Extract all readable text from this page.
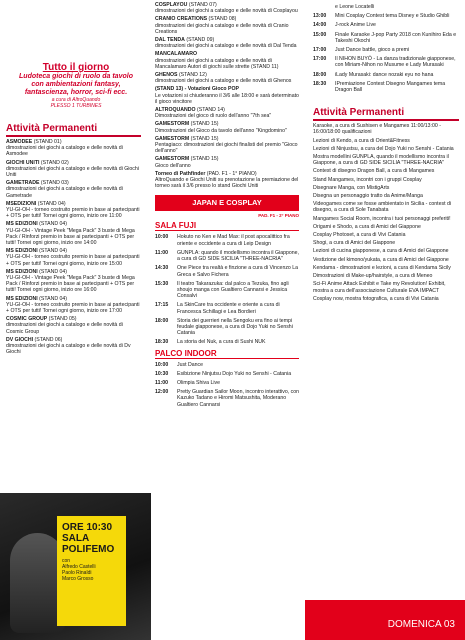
Tutto il giorno
Ludoteca giochi di ruolo da tavolo con ambientazioni fantasy, fantascienza, horror, sci-fi ecc.
a cura di AltroQuando
PLESSO 1 TURBINES
Attività Permanenti
ASMODEE (STAND 01)
dimostrazioni dei giochi a catalogo e delle novità di Asmodee
GIOCHI UNITI (STAND 02)
dimostrazioni dei giochi a catalogo e delle novità di Giochi Uniti
GAMETRADE (STAND 03)
dimostrazioni dei giochi a catalogo e delle novità di Gametrade
MSEDIZIONI (STAND 04)
YU-GI-OH - torneo costruito premio in base ai partecipanti + OTS per tutti! Tornei ogni giorno, inizio ore 11:00
MS EDIZIONI (STAND 04)
YU-GI-OH - Vintage Peek "Mega Pack" 3 buste di Mega Pack / Rinforzi premio in base ai partecipanti + OTS per tutti! Tornei ogni giorno, inizio ore 14:00
MS EDIZIONI (STAND 04)
YU-GI-OH - torneo costruito premio in base ai partecipanti + OTS per tutti! Tornei ogni giorno, inizio ore 15:00
MS EDIZIONI (STAND 04)
YU-GI-OH - Vintage Peek "Mega Pack" 3 buste di Mega Pack / Rinforzi premio in base ai partecipanti + OTS per tutti! Tornei ogni giorno, inizio ore 16:00
MS EDIZIONI (STAND 04)
YU-GI-OH - torneo costruito premio in base ai partecipanti + OTS per tutti! Tornei ogni giorno, inizio ore 17:00
COSMIC GROUP (STAND 05)
dimostrazioni dei giochi a catalogo e delle novità di Cosmic Group
DV GIOCHI (STAND 06)
dimostrazioni dei giochi a catalogo e delle novità di Dv Giochi
ORE 10:30
SALA
POLIFEMO
con
Alfredo Castelli
Paolo Rinaldi
Marco Grosso
COSPLAYOU (STAND 07)
dimostrazioni dei giochi a catalogo e delle novità di Cosplayou
CRANIO CREATIONS (STAND 08)
dimostrazioni dei giochi a catalogo e delle novità di Cranio Creations
DAL TENDA (STAND 09)
dimostrazioni dei giochi a catalogo e delle novità di Dal Tenda
MANCALAMARO
dimostrazioni dei giochi a catalogo e delle novità di Mancalamaro Autori di giochi sulle strette (STAND 11)
GHENOS (STAND 12)
dimostrazioni dei giochi a catalogo e delle novità di Ghenos
(STAND 13) - Votazioni Gioco POP
Le votazioni si chiuderanno il 3/6 alle 18:00 e sarà determinato il gioco vincitore
ALTROQUANDO (STAND 14)
Dimostrazioni del gioco di ruolo dell'anno "7th sea"
GAMESTORM (STAND 15)
Dimostrazioni del Gioco da tavolo dell'anno "Kingdomino"
GAMESTORM (STAND 15)
Pentagiaco: dimostrazioni dei giochi finalisti del premio "Gioco dell'anno"
GAMESTORM (STAND 15)
Gioco dell'anno
Torneo di Pathfinder (PAD. F1 - 1° PIANO)
AltroQuando e Giochi Uniti su prenotazione la premiazione del torneo sarà il 3/6 presso lo stand Giochi Uniti
JAPAN E COSPLAY
PAD. F1 - 2° PIANO
SALA FUJI
10:00	Hokuto no Ken e Mad Max: il post apocalittico fra oriente e occidente a cura di Leip Design
11:00	GUNPLA: quando il modellismo incontra il Giappone, a cura di GD SIDE SICILIA "THREE-NACRIA"
14:30	One Piece tra realtà e finzione a cura di Vincenzo La Greca e Salvo Fichera
15:30	Il teatro Takarazuka: dal palco a Tezuka, fino agli shoujo manga con Gualtiero Cannarsi e Jessica Consalvi
17:15	La SkinCare tra occidente e oriente a cura di Francesca Schillagi e Lea Bordieri
18:00	Storia dei guerrieri nella Sengoku era fino ai tempi feudale giapponese, a cura di Dojo Yuki no Senshi Catania
18:30	La storia del Nuk, a cura di Sushi NUK
PALCO INDOOR
10:00	Just Dance
10:30	Esibizione Ninjutsu Dojo Yuki no Senshi - Catania
11:00	Olimpia Shiva Live
12:00	Pretty Guardian Sailor Moon, incontro interattivo, con Kazuko Tadano e Hiromi Matsushita, Moderano Gualtiero Cannarsi
e Leone Locatelli
13:00	Mini Cosplay Contest tema Disney e Studio Ghibli
14:00	J-rock Anime Live
15:00	Finale Karaoke J-pop Party 2018 con Kunihiro Eda e Takeshi Okochi
17:00	Just Dance battle, gioco a premi
17:00	Il NIHON BUYŌ - La danza tradizionale giapponese, con Miriam-Nihon no Musume e Lady Murasaki
18:00	iLady Murasaki: dance nozaki eyu no hana
18:30	IPremiazione Contest Disegno Mangames tema Dragon Ball
Attività Permanenti
Karaoke, a cura di Sushisen e Mangames 11:00/13:00 - 16:00/18:00 qualificazioni
Lezioni di Kendo, a cura di Orient&Fitness
Lezioni di Ninjustsu, a cura del Dojo Yuki no Senshi - Catania
Mostra modellini GUNPLA, quando il modellismo incontra il Giappone, a cura di GD SIDE SICILIA "THREE-NACRIA"
Contest di disegno Dragon Ball, a cura di Mangames
Stand Mangames, incontri con i gruppi Cosplay
Disegnare Manga, con MistigArts
Disegna un personaggio tratto da Anime/Manga
Videogames come se fosse ambientato in Sicilia - contest di disegno, a cura di Sole Tanabata
Mangames Social Room, incontra i tuoi personaggi preferiti!
Origami e Shodo, a cura di Amici del Giappone
Cosplay Photoset, a cura di Vivi Catania
Shogi, a cura di Amici del Giappone
Lezioni di cucina giapponese, a cura di Amici del Giappone
Vestizione del kimono/yukata, a cura di Amici del Giappone
Kendama - dimostrazioni e lezioni, a cura di Kendama Sicily
Dimostrazioni di Make-up/hairstyle, a cura di Meneo
Sci-Fi Anime Attack Exhibit e Take my Revolution! Exhibit, mostra a cura dell'associazione Culturale EVA IMPACT
Cosplay now, mostra fotografica, a cura di Vivi Catania
DOMENICA 03
